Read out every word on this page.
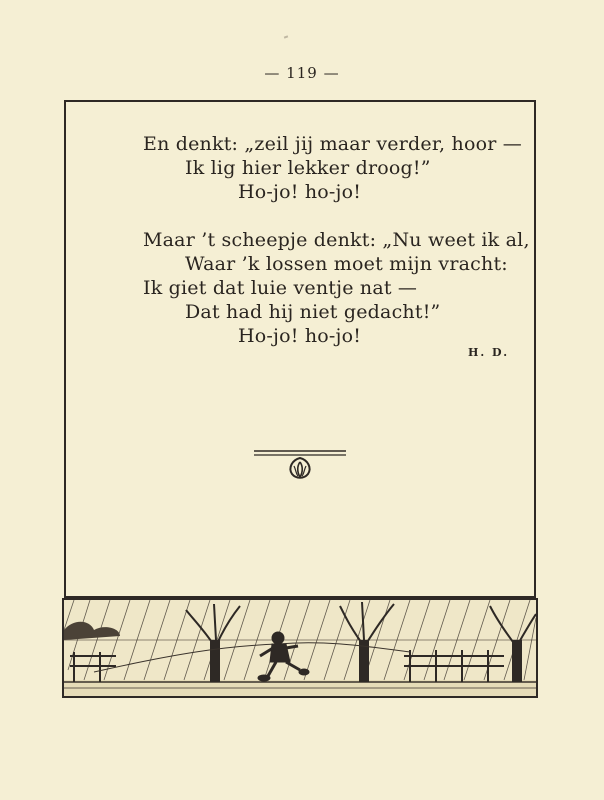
— 119 —
En denkt: „zeil jij maar verder, hoor —
Ik lig hier lekker droog!”
Ho-jo! ho-jo!
Maar ’t scheepje denkt: „Nu weet ik al,
Waar ’k lossen moet mijn vracht:
Ik giet dat luie ventje nat —
Dat had hij niet gedacht!”
Ho-jo! ho-jo!
H. D.
